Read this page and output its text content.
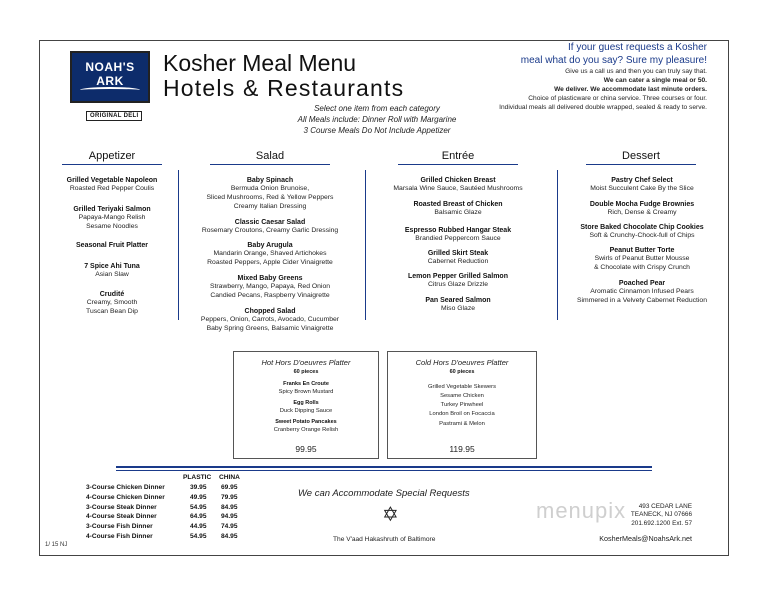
NOAH'S
ARK
ORIGINAL DELI
Kosher Meal Menu
Hotels & Restaurants
Select one item from each category
All Meals include: Dinner Roll with Margarine
3 Course Meals Do Not Include Appetizer
If your guest requests a Kosher
meal what do you say? Sure my pleasure!
Give us a call us and then you can truly say that.
We can cater a single meal or 50.
We deliver. We accommodate last minute orders.
Choice of plasticware or china service. Three courses or four.
Individual meals all delivered double wrapped, sealed & ready to serve.
Appetizer	Salad	Entrée	Dessert
Grilled Vegetable Napoleon
Roasted Red Pepper Coulis
Grilled Teriyaki Salmon
Papaya-Mango Relish
Sesame Noodles
Seasonal Fruit Platter
7 Spice Ahi Tuna
Asian Slaw
Crudité
Creamy, Smooth
Tuscan Bean Dip
Baby Spinach
Bermuda Onion Brunoise,
Sliced Mushrooms, Red & Yellow Peppers
Creamy Italian Dressing
Classic Caesar Salad
Rosemary Croutons, Creamy Garlic Dressing
Baby Arugula
Mandarin Orange, Shaved Artichokes
Roasted Peppers, Apple Cider Vinaigrette
Mixed Baby Greens
Strawberry, Mango, Papaya, Red Onion
Candied Pecans, Raspberry Vinaigrette
Chopped Salad
Peppers, Onion, Carrots, Avocado, Cucumber
Baby Spring Greens, Balsamic Vinaigrette
Grilled Chicken Breast
Marsala Wine Sauce, Sautéed Mushrooms
Roasted Breast of Chicken
Balsamic Glaze
Espresso Rubbed Hangar Steak
Brandied Peppercorn Sauce
Grilled Skirt Steak
Cabernet Reduction
Lemon Pepper Grilled Salmon
Citrus Glaze Drizzle
Pan Seared Salmon
Miso Glaze
Pastry Chef Select
Moist Succulent Cake By the Slice
Double Mocha Fudge Brownies
Rich, Dense & Creamy
Store Baked Chocolate Chip Cookies
Soft & Crunchy-Chock-full of Chips
Peanut Butter Torte
Swirls of Peanut Butter Mousse
& Chocolate with Crispy Crunch
Poached Pear
Aromatic Cinnamon Infused Pears
Simmered in a Velvety Cabernet Reduction
Hot Hors D'oeuvres Platter
60 pieces
Franks En Croute
Spicy Brown Mustard
Egg Rolls
Duck Dipping Sauce
Sweet Potato Pancakes
Cranberry Orange Relish
99.95
Cold Hors D'oeuvres Platter
60 pieces
Grilled Vegetable Skewers
Sesame Chicken
Turkey Pinwheel
London Broil on Focaccia
Pastrami & Melon
119.95
PLASTIC CHINA
3-Course Chicken Dinner	39.95	69.95
4-Course Chicken Dinner	49.95	79.95
3-Course Steak Dinner	54.95	84.95
4-Course Steak Dinner	64.95	94.95
3-Course Fish Dinner	44.95	74.95
4-Course Fish Dinner	54.95	84.95
We can Accommodate Special Requests
✡
The V'aad Hakashruth of Baltimore
menupix	493 CEDAR LANE
TEANECK, NJ 07666
201.692.1200 Ext. 57
KosherMeals@NoahsArk.net
1/ 15 NJ
